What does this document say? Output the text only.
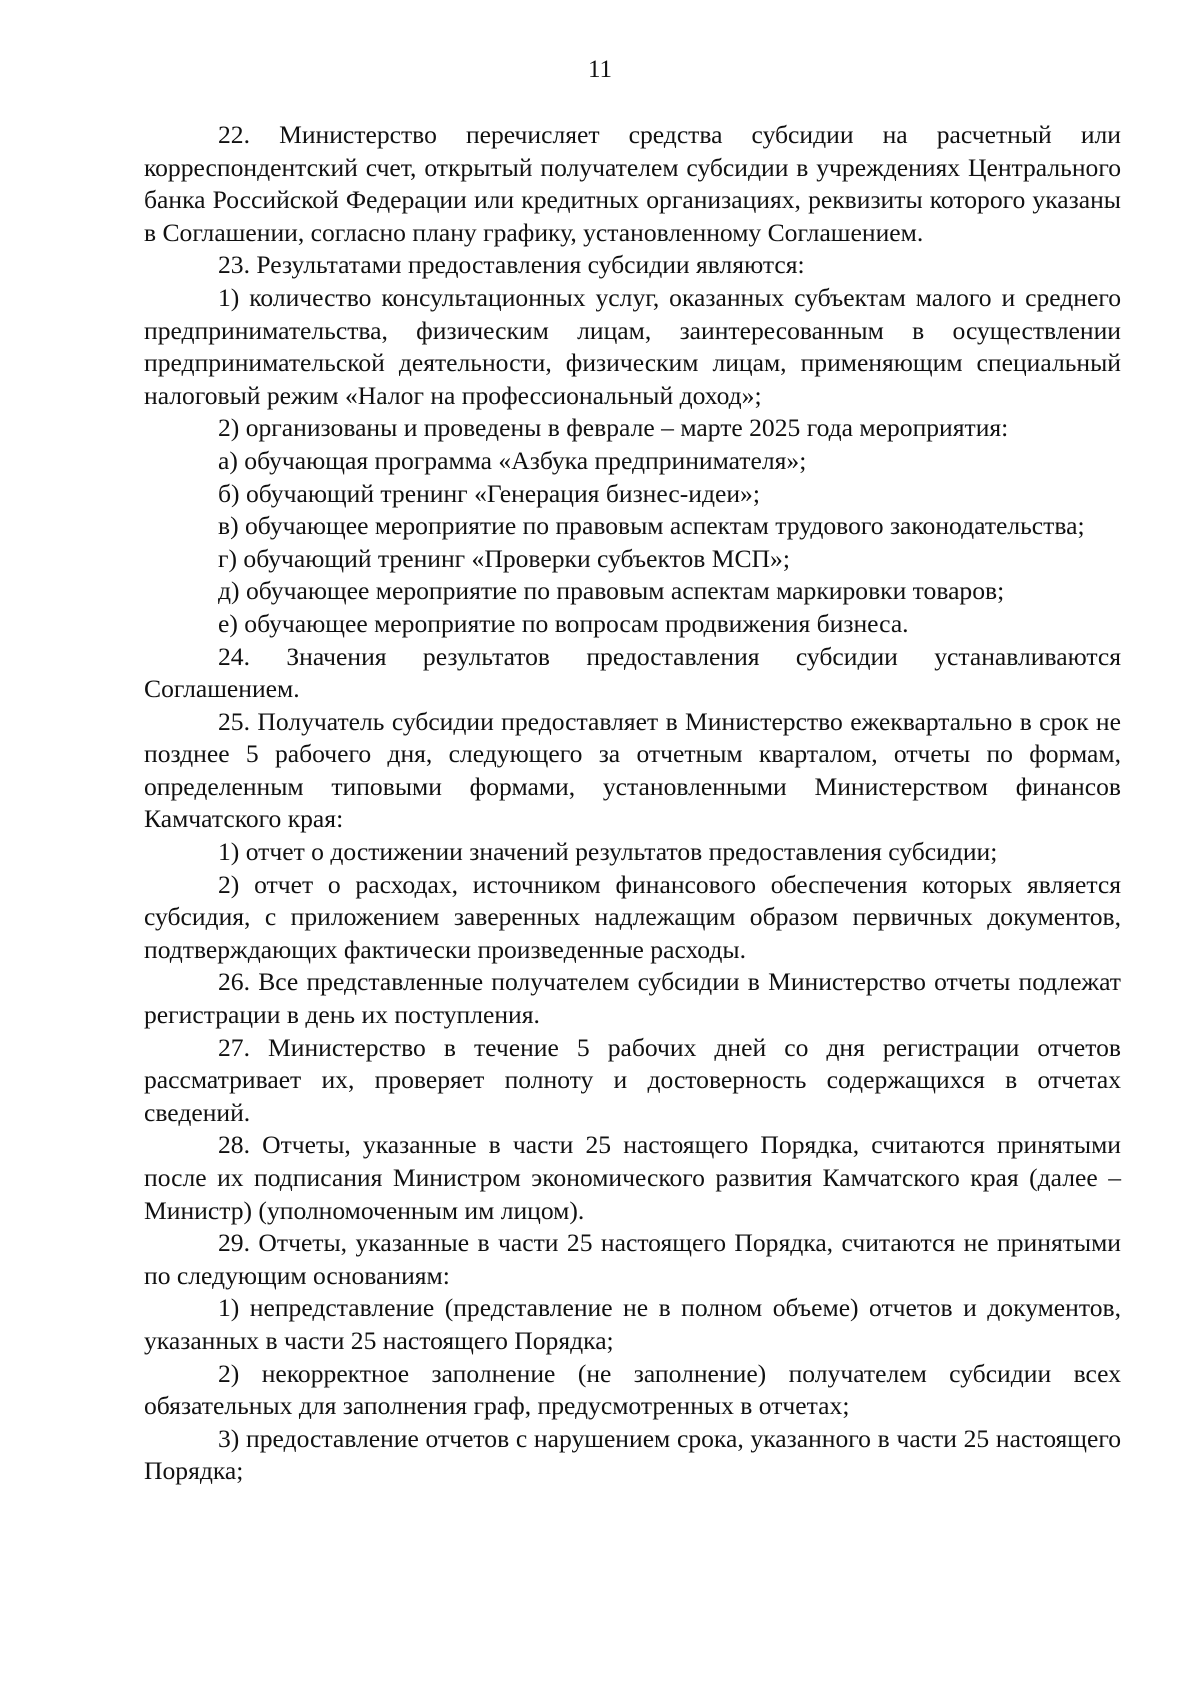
11

22. Министерство перечисляет средства субсидии на расчетный или корреспондентский счет, открытый получателем субсидии в учреждениях Центрального банка Российской Федерации или кредитных организациях, реквизиты которого указаны в Соглашении, согласно плану графику, установленному Соглашением.

23. Результатами предоставления субсидии являются:

1) количество консультационных услуг, оказанных субъектам малого и среднего предпринимательства, физическим лицам, заинтересованным в осуществлении предпринимательской деятельности, физическим лицам, применяющим специальный налоговый режим «Налог на профессиональный доход»;

2) организованы и проведены в феврале – марте 2025 года мероприятия:

а) обучающая программа «Азбука предпринимателя»;

б) обучающий тренинг «Генерация бизнес-идеи»;

в) обучающее мероприятие по правовым аспектам трудового законодательства;

г) обучающий тренинг «Проверки субъектов МСП»;

д) обучающее мероприятие по правовым аспектам маркировки товаров;

е) обучающее мероприятие по вопросам продвижения бизнеса.

24. Значения результатов предоставления субсидии устанавливаются Соглашением.

25. Получатель субсидии предоставляет в Министерство ежеквартально в срок не позднее 5 рабочего дня, следующего за отчетным кварталом, отчеты по формам, определенным типовыми формами, установленными Министерством финансов Камчатского края:

1) отчет о достижении значений результатов предоставления субсидии;

2) отчет о расходах, источником финансового обеспечения которых является субсидия, с приложением заверенных надлежащим образом первичных документов, подтверждающих фактически произведенные расходы.

26. Все представленные получателем субсидии в Министерство отчеты подлежат регистрации в день их поступления.

27. Министерство в течение 5 рабочих дней со дня регистрации отчетов рассматривает их, проверяет полноту и достоверность содержащихся в отчетах сведений.

28. Отчеты, указанные в части 25 настоящего Порядка, считаются принятыми после их подписания Министром экономического развития Камчатского края (далее – Министр) (уполномоченным им лицом).

29. Отчеты, указанные в части 25 настоящего Порядка, считаются не принятыми по следующим основаниям:

1) непредставление (представление не в полном объеме) отчетов и документов, указанных в части 25 настоящего Порядка;

2) некорректное заполнение (не заполнение) получателем субсидии всех обязательных для заполнения граф, предусмотренных в отчетах;

3) предоставление отчетов с нарушением срока, указанного в части 25 настоящего Порядка;
